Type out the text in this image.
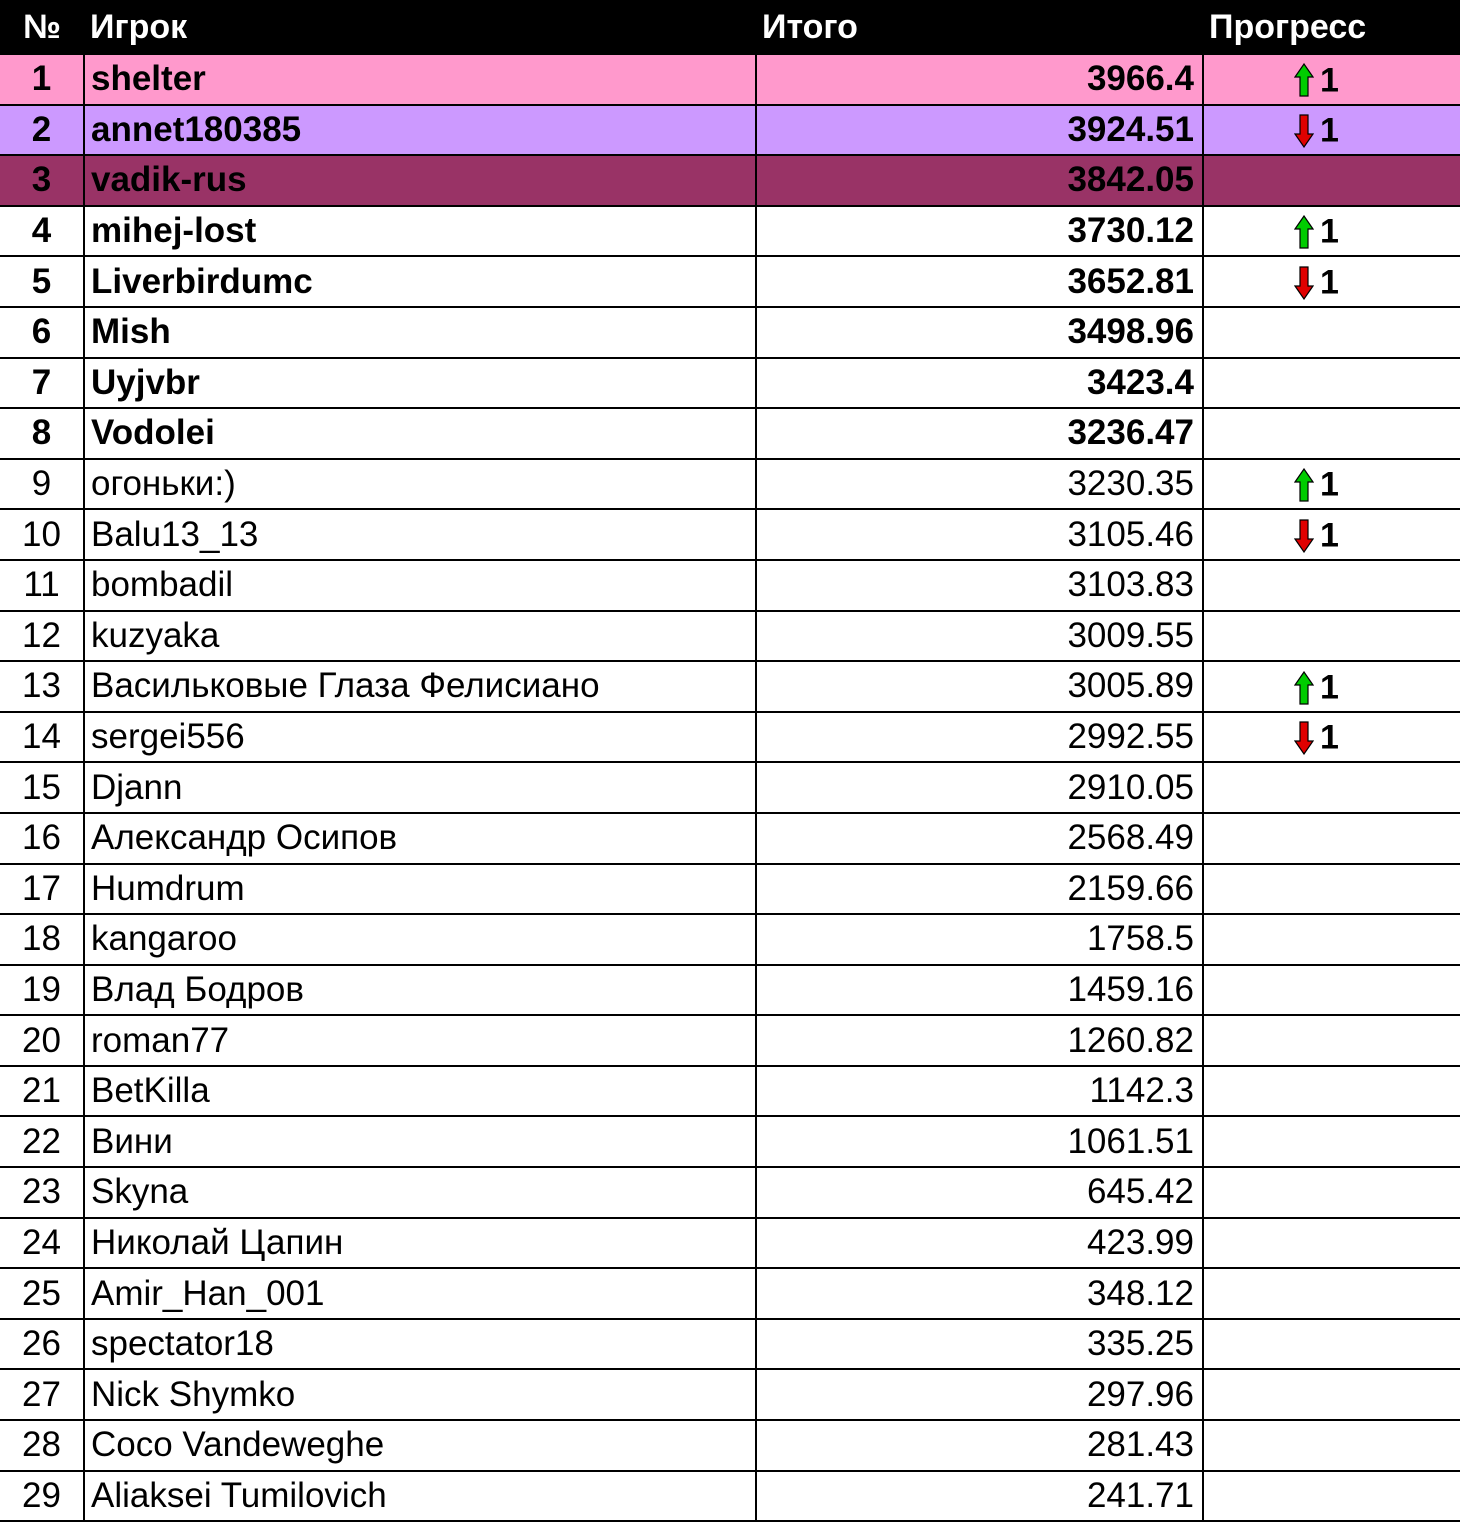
№	Игрок	Итого	Прогресс
1	shelter	3966.4	1
2	annet180385	3924.51	1
3	vadik-rus	3842.05	
4	mihej-lost	3730.12	1
5	Liverbirdumc	3652.81	1
6	Mish	3498.96	
7	Uyjvbr	3423.4	
8	Vodolei	3236.47	
9	огоньки:)	3230.35	1
10	Balu13_13	3105.46	1
11	bombadil	3103.83	
12	kuzyaka	3009.55	
13	Васильковые Глаза Фелисиано	3005.89	1
14	sergei556	2992.55	1
15	Djann	2910.05	
16	Александр Осипов	2568.49	
17	Humdrum	2159.66	
18	kangaroo	1758.5	
19	Влад Бодров	1459.16	
20	roman77	1260.82	
21	BetKilla	1142.3	
22	Вини	1061.51	
23	Skyna	645.42	
24	Николай Цапин	423.99	
25	Amir_Han_001	348.12	
26	spectator18	335.25	
27	Nick Shymko	297.96	
28	Coco Vandeweghe	281.43	
29	Aliaksei Tumilovich	241.71	
